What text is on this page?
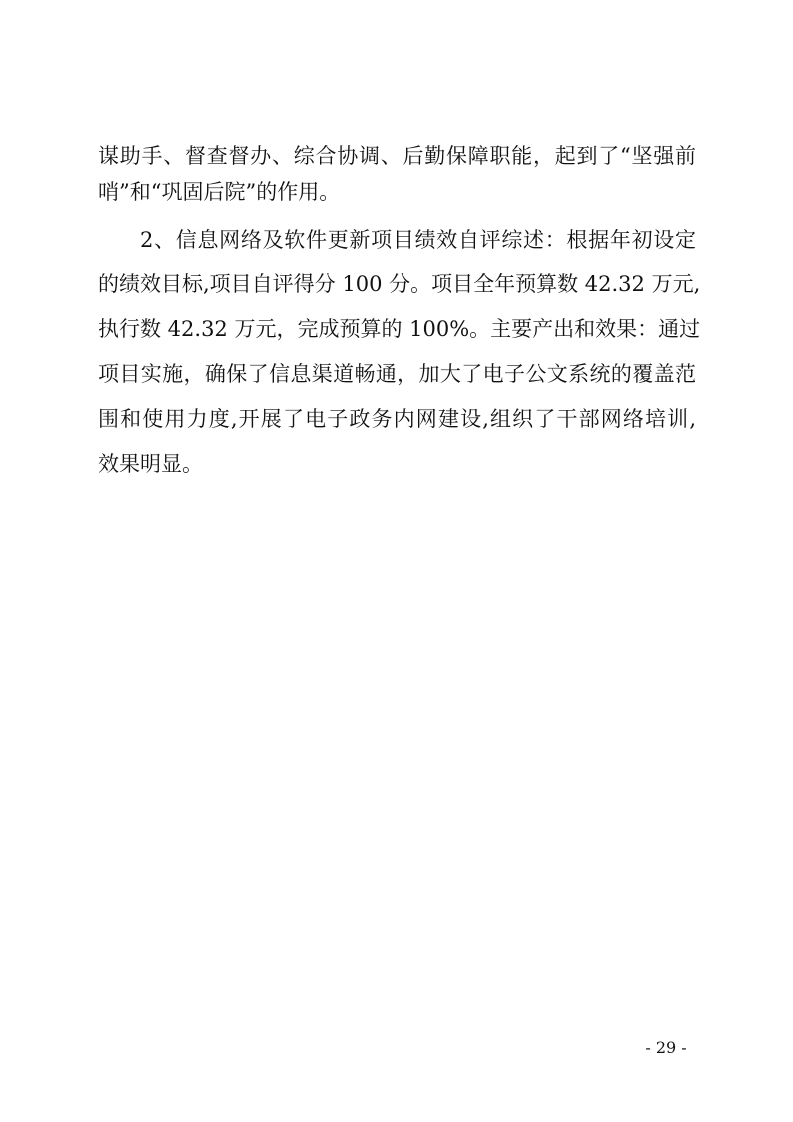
谋助手、督查督办、综合协调、后勤保障职能，起到了“坚强前
哨”和“巩固后院”的作用。
2、信息网络及软件更新项目绩效自评综述：根据年初设定
的绩效目标,项目自评得分 100 分。项目全年预算数 42.32 万元,
执行数 42.32 万元，完成预算的 100%。主要产出和效果：通过
项目实施，确保了信息渠道畅通，加大了电子公文系统的覆盖范
围和使用力度,开展了电子政务内网建设,组织了干部网络培训,
效果明显。
- 29 -
